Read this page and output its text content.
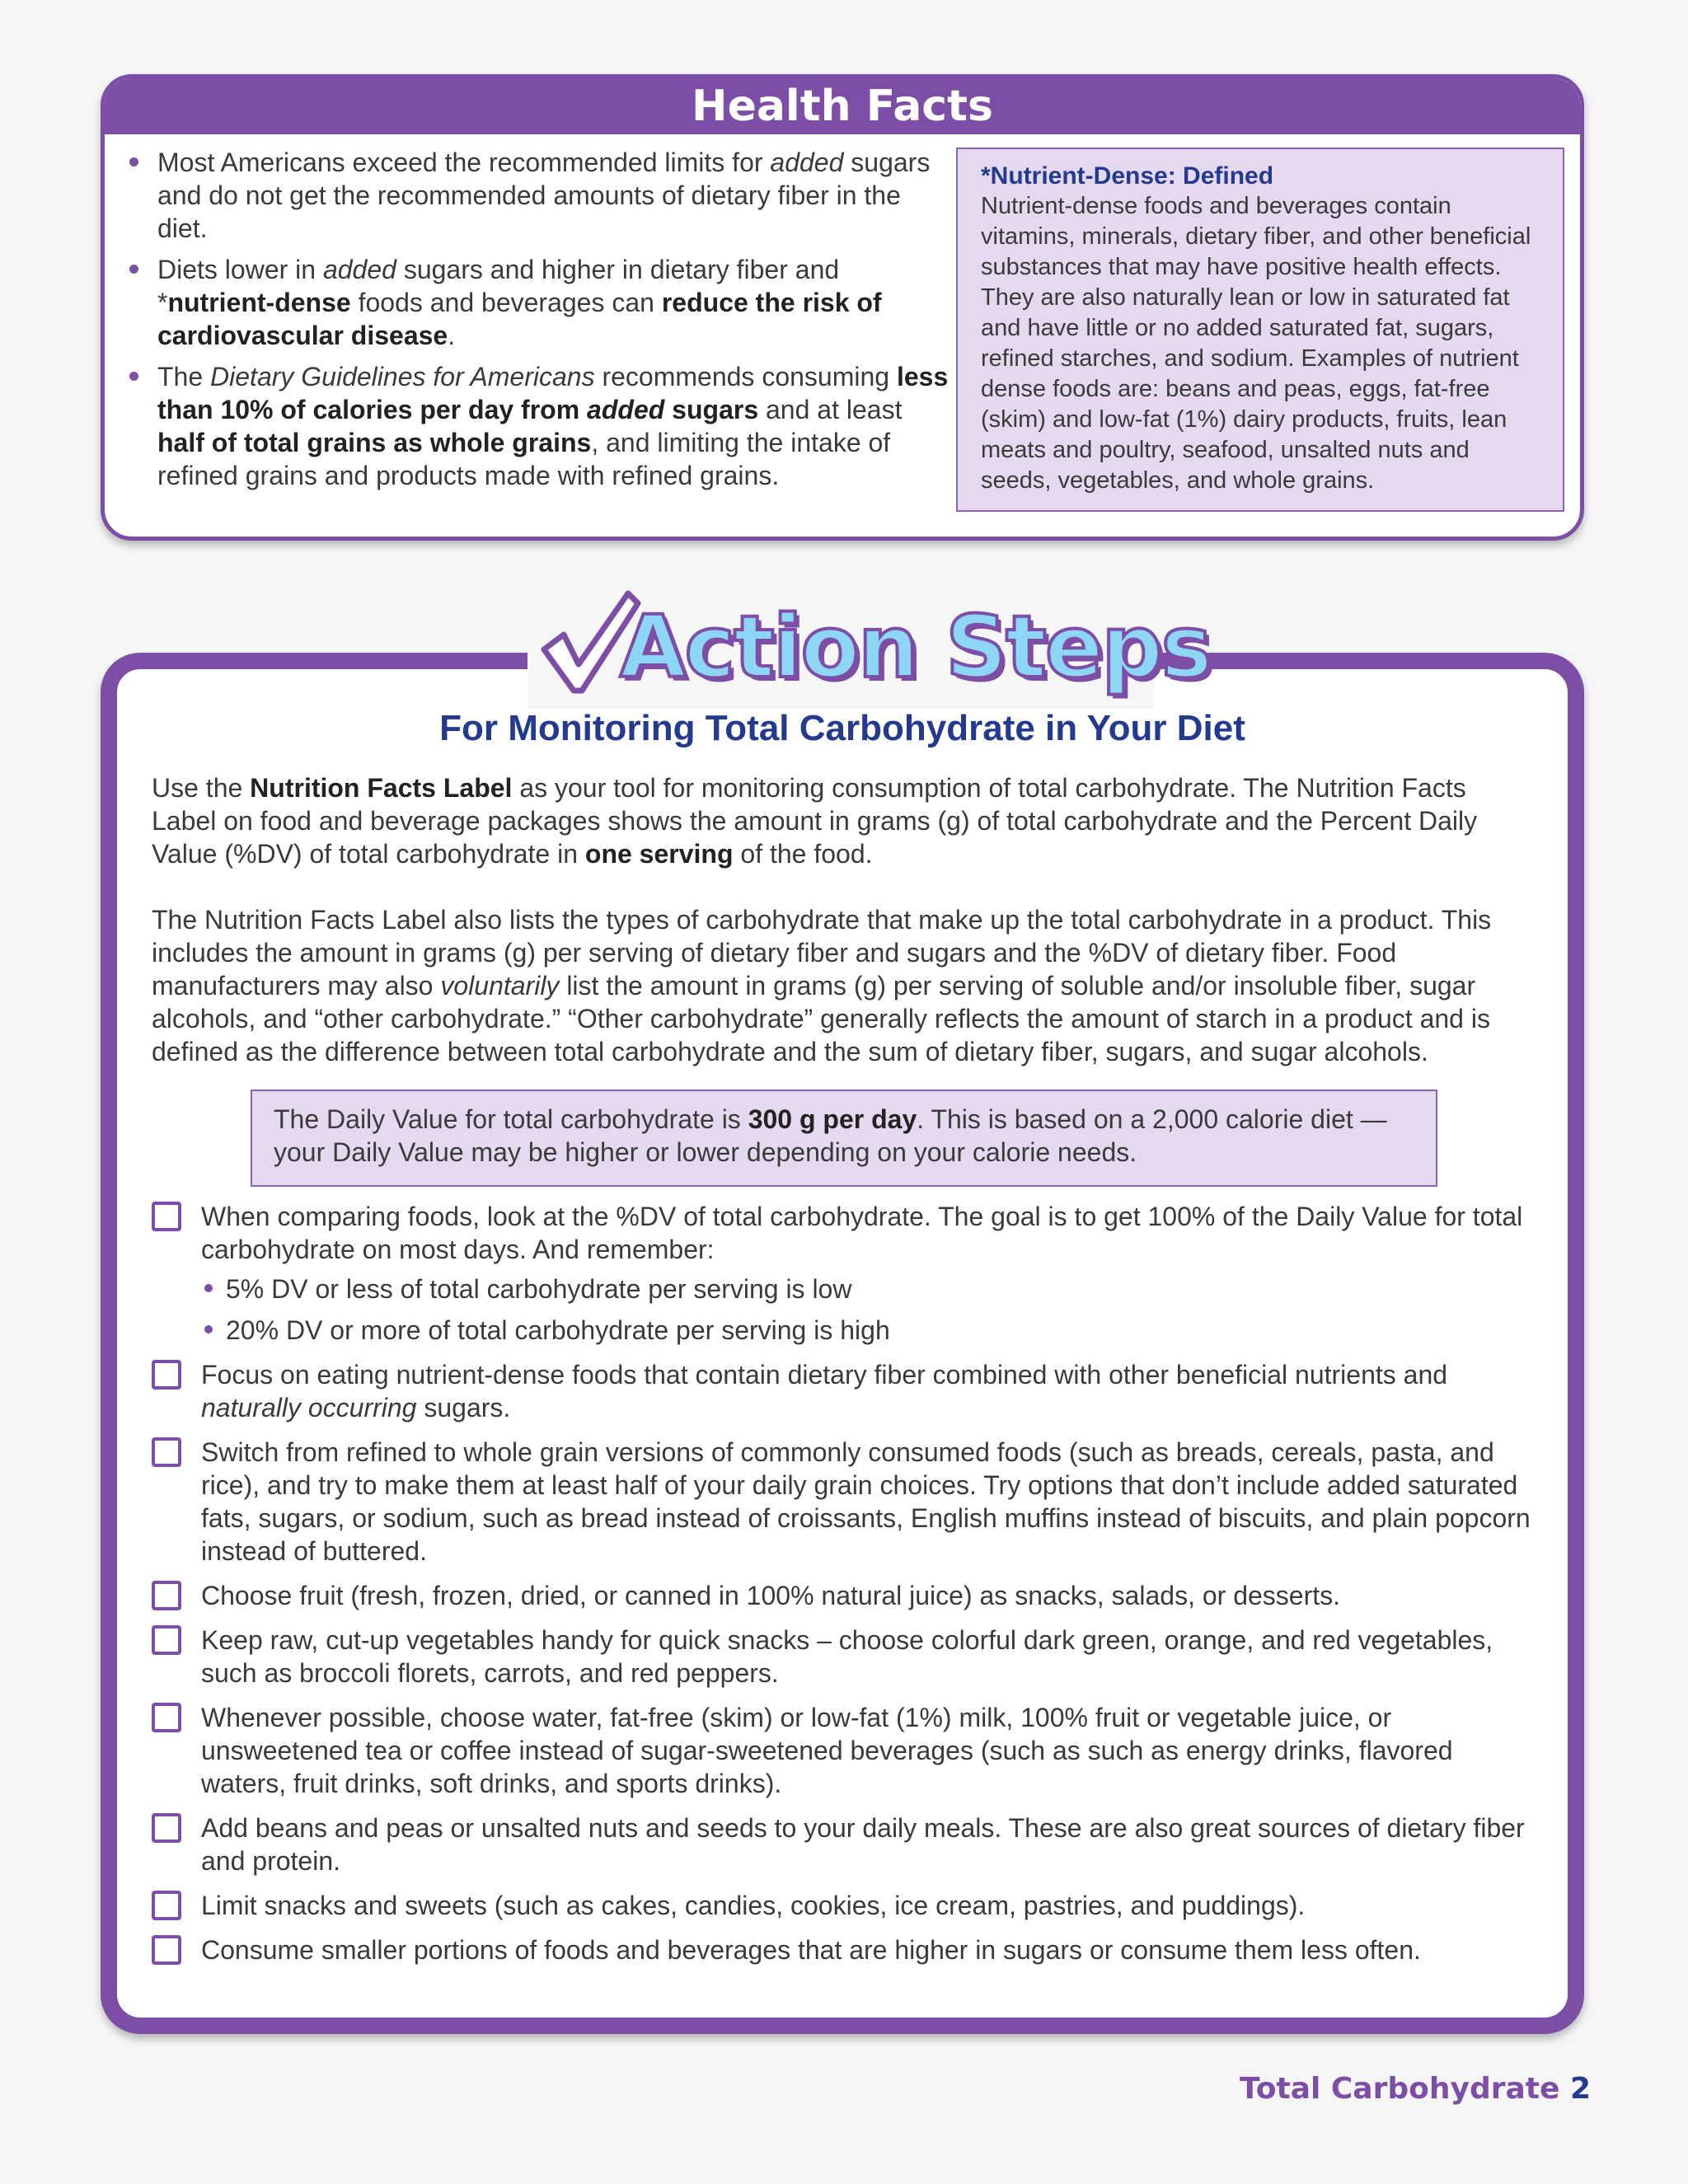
Health Facts
Most Americans exceed the recommended limits for added sugars and do not get the recommended amounts of dietary fiber in the diet.
Diets lower in added sugars and higher in dietary fiber and *nutrient-dense foods and beverages can reduce the risk of cardiovascular disease.
The Dietary Guidelines for Americans recommends consuming less than 10% of calories per day from added sugars and at least half of total grains as whole grains, and limiting the intake of refined grains and products made with refined grains.
*Nutrient-Dense: Defined
Nutrient-dense foods and beverages contain vitamins, minerals, dietary fiber, and other beneficial substances that may have positive health effects. They are also naturally lean or low in saturated fat and have little or no added saturated fat, sugars, refined starches, and sodium. Examples of nutrient dense foods are: beans and peas, eggs, fat-free (skim) and low-fat (1%) dairy products, fruits, lean meats and poultry, seafood, unsalted nuts and seeds, vegetables, and whole grains.
Action Steps
For Monitoring Total Carbohydrate in Your Diet

Use the Nutrition Facts Label as your tool for monitoring consumption of total carbohydrate. The Nutrition Facts Label on food and beverage packages shows the amount in grams (g) of total carbohydrate and the Percent Daily Value (%DV) of total carbohydrate in one serving of the food.

The Nutrition Facts Label also lists the types of carbohydrate that make up the total carbohydrate in a product. This includes the amount in grams (g) per serving of dietary fiber and sugars and the %DV of dietary fiber. Food manufacturers may also voluntarily list the amount in grams (g) per serving of soluble and/or insoluble fiber, sugar alcohols, and “other carbohydrate.” “Other carbohydrate” generally reflects the amount of starch in a product and is defined as the difference between total carbohydrate and the sum of dietary fiber, sugars, and sugar alcohols.

The Daily Value for total carbohydrate is 300 g per day. This is based on a 2,000 calorie diet — your Daily Value may be higher or lower depending on your calorie needs.
When comparing foods, look at the %DV of total carbohydrate. The goal is to get 100% of the Daily Value for total carbohydrate on most days. And remember:
5% DV or less of total carbohydrate per serving is low
20% DV or more of total carbohydrate per serving is high
Focus on eating nutrient-dense foods that contain dietary fiber combined with other beneficial nutrients and naturally occurring sugars.
Switch from refined to whole grain versions of commonly consumed foods (such as breads, cereals, pasta, and rice), and try to make them at least half of your daily grain choices. Try options that don’t include added saturated fats, sugars, or sodium, such as bread instead of croissants, English muffins instead of biscuits, and plain popcorn instead of buttered.
Choose fruit (fresh, frozen, dried, or canned in 100% natural juice) as snacks, salads, or desserts.
Keep raw, cut-up vegetables handy for quick snacks – choose colorful dark green, orange, and red vegetables, such as broccoli florets, carrots, and red peppers.
Whenever possible, choose water, fat-free (skim) or low-fat (1%) milk, 100% fruit or vegetable juice, or unsweetened tea or coffee instead of sugar-sweetened beverages (such as such as energy drinks, flavored waters, fruit drinks, soft drinks, and sports drinks).
Add beans and peas or unsalted nuts and seeds to your daily meals. These are also great sources of dietary fiber and protein.
Limit snacks and sweets (such as cakes, candies, cookies, ice cream, pastries, and puddings).
Consume smaller portions of foods and beverages that are higher in sugars or consume them less often.
Total Carbohydrate 2
